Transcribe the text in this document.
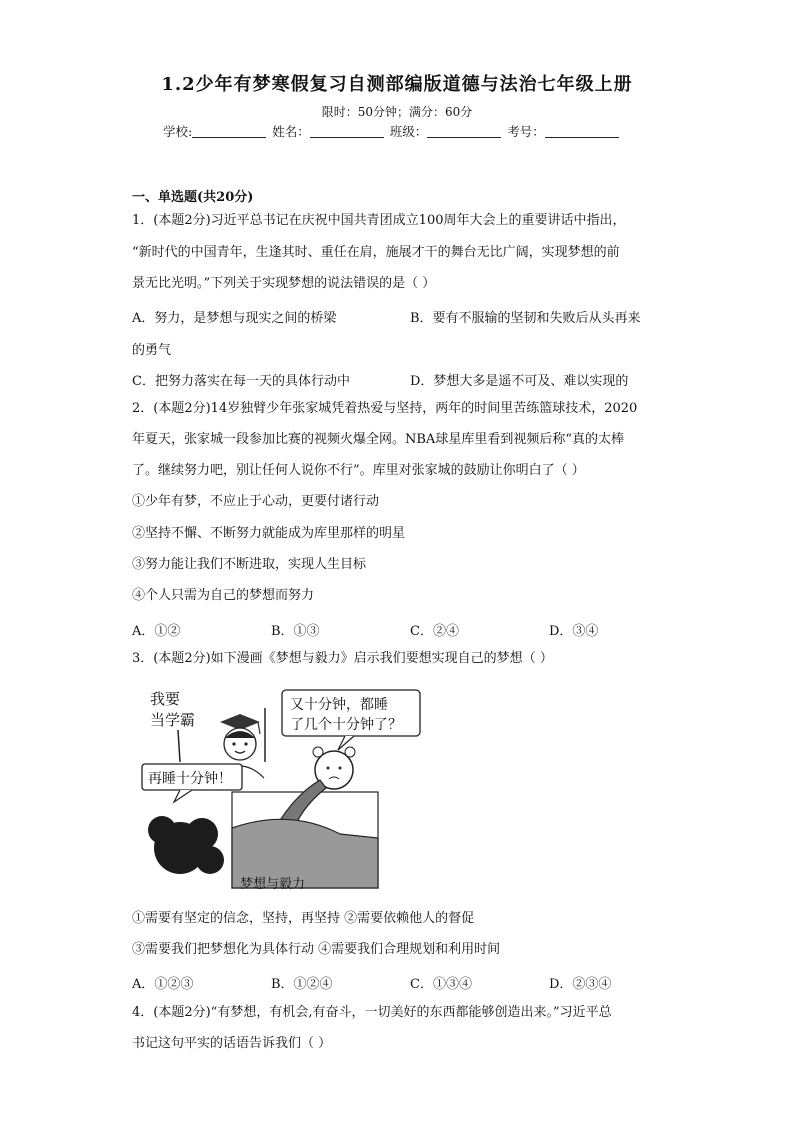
1.2少年有梦寒假复习自测部编版道德与法治七年级上册
限时：50分钟；满分：60分
学校:	姓名：	班级：	考号：
一、单选题(共20分)
1．(本题2分)习近平总书记在庆祝中国共青团成立100周年大会上的重要讲话中指出，
“新时代的中国青年，生逢其时、重任在肩，施展才干的舞台无比广阔，实现梦想的前
景无比光明。”下列关于实现梦想的说法错误的是（ ）
A．努力，是梦想与现实之间的桥梁	B．要有不服输的坚韧和失败后从头再来
的勇气
C．把努力落实在每一天的具体行动中	D．梦想大多是遥不可及、难以实现的
2．(本题2分)14岁独臂少年张家城凭着热爱与坚持，两年的时间里苦练篮球技术，2020
年夏天，张家城一段参加比赛的视频火爆全网。NBA球星库里看到视频后称“真的太棒
了。继续努力吧，别让任何人说你不行”。库里对张家城的鼓励让你明白了（ ）
①少年有梦，不应止于心动，更要付诸行动
②坚持不懈、不断努力就能成为库里那样的明星
③努力能让我们不断进取，实现人生目标
④个人只需为自己的梦想而努力
A．①②	B．①③	C．②④	D．③④
3．(本题2分)如下漫画《梦想与毅力》启示我们要想实现自己的梦想（ ）
我要
当学霸
又十分钟，都睡
了几个十分钟了？
再睡十分钟！
梦想与毅力
①需要有坚定的信念，坚持，再坚持 ②需要依赖他人的督促
③需要我们把梦想化为具体行动 ④需要我们合理规划和利用时间
A．①②③	B．①②④	C．①③④	D．②③④
4．(本题2分)“有梦想，有机会,有奋斗，一切美好的东西都能够创造出来。”习近平总
书记这句平实的话语告诉我们（ ）
